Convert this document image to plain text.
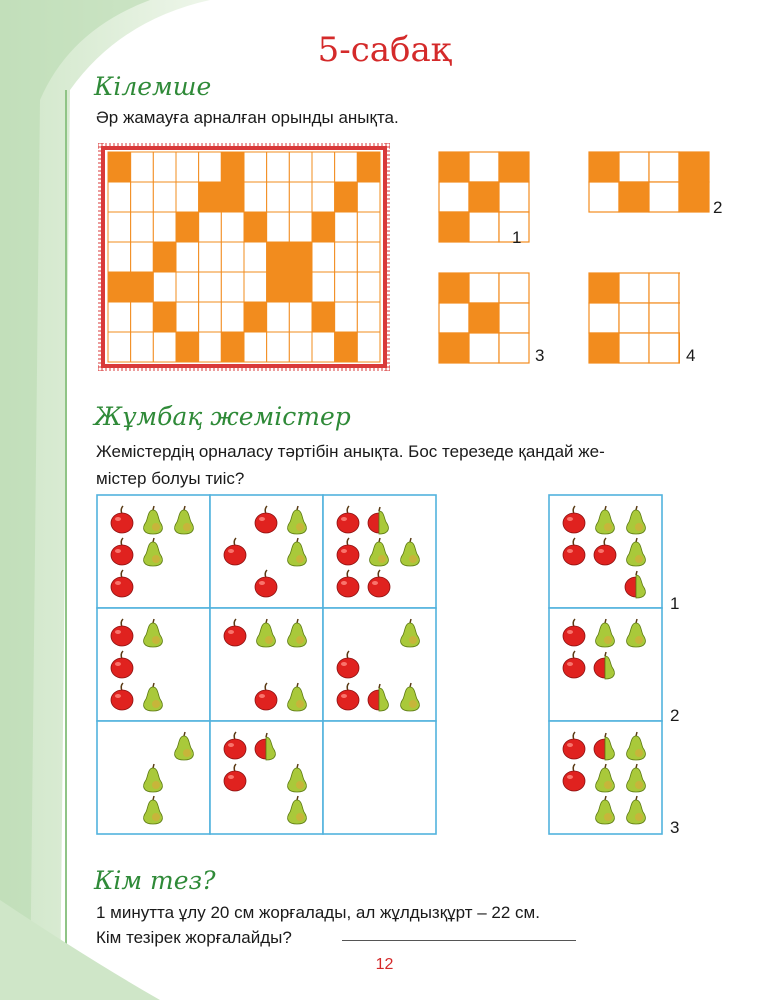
5-сабақ
Кілемше
Әр жамауға арналған орынды анықта.
1
2
3	4
Жұмбақ жемістер
Жемістердің орналасу тәртібін анықта. Бос терезеде қандай же-
містер болуы тиіс?
1
2
3
Кім тез?
1 минутта ұлу 20 см жорғалады, ал жұлдызқұрт – 22 см.
Кім тезірек жорғалайды?
12
